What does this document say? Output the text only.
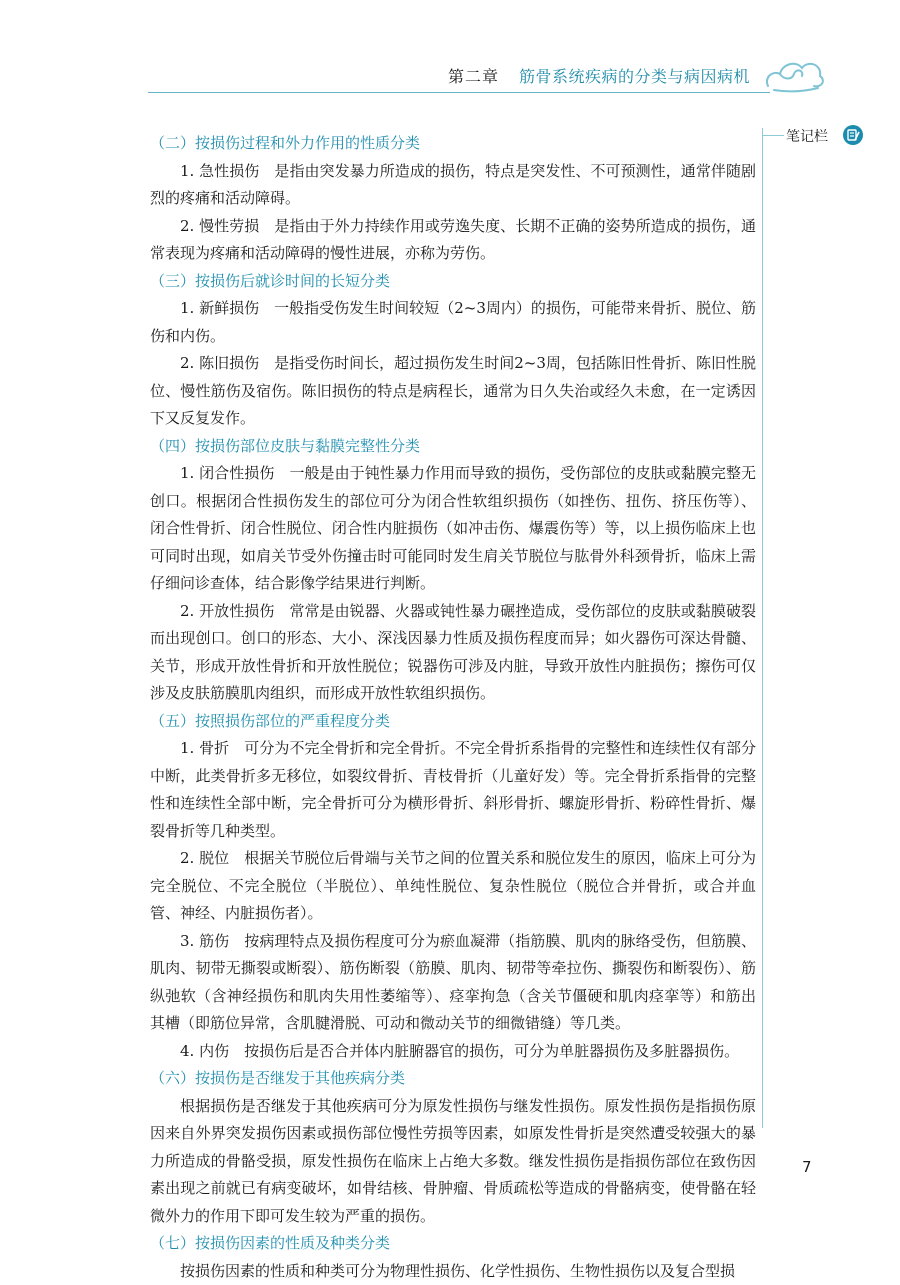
第二章 筋骨系统疾病的分类与病因病机
笔记栏
（二）按损伤过程和外力作用的性质分类

1. 急性损伤　是指由突发暴力所造成的损伤，特点是突发性、不可预测性，通常伴随剧烈的疼痛和活动障碍。

2. 慢性劳损　是指由于外力持续作用或劳逸失度、长期不正确的姿势所造成的损伤，通常表现为疼痛和活动障碍的慢性进展，亦称为劳伤。

（三）按损伤后就诊时间的长短分类

1. 新鲜损伤　一般指受伤发生时间较短（2~3周内）的损伤，可能带来骨折、脱位、筋伤和内伤。

2. 陈旧损伤　是指受伤时间长，超过损伤发生时间2~3周，包括陈旧性骨折、陈旧性脱位、慢性筋伤及宿伤。陈旧损伤的特点是病程长，通常为日久失治或经久未愈，在一定诱因下又反复发作。

（四）按损伤部位皮肤与黏膜完整性分类

1. 闭合性损伤　一般是由于钝性暴力作用而导致的损伤，受伤部位的皮肤或黏膜完整无创口。根据闭合性损伤发生的部位可分为闭合性软组织损伤（如挫伤、扭伤、挤压伤等）、闭合性骨折、闭合性脱位、闭合性内脏损伤（如冲击伤、爆震伤等）等，以上损伤临床上也可同时出现，如肩关节受外伤撞击时可能同时发生肩关节脱位与肱骨外科颈骨折，临床上需仔细问诊查体，结合影像学结果进行判断。

2. 开放性损伤　常常是由锐器、火器或钝性暴力碾挫造成，受伤部位的皮肤或黏膜破裂而出现创口。创口的形态、大小、深浅因暴力性质及损伤程度而异；如火器伤可深达骨髓、关节，形成开放性骨折和开放性脱位；锐器伤可涉及内脏，导致开放性内脏损伤；擦伤可仅涉及皮肤筋膜肌肉组织，而形成开放性软组织损伤。

（五）按照损伤部位的严重程度分类

1. 骨折　可分为不完全骨折和完全骨折。不完全骨折系指骨的完整性和连续性仅有部分中断，此类骨折多无移位，如裂纹骨折、青枝骨折（儿童好发）等。完全骨折系指骨的完整性和连续性全部中断，完全骨折可分为横形骨折、斜形骨折、螺旋形骨折、粉碎性骨折、爆裂骨折等几种类型。

2. 脱位　根据关节脱位后骨端与关节之间的位置关系和脱位发生的原因，临床上可分为完全脱位、不完全脱位（半脱位）、单纯性脱位、复杂性脱位（脱位合并骨折，或合并血管、神经、内脏损伤者）。

3. 筋伤　按病理特点及损伤程度可分为瘀血凝滞（指筋膜、肌肉的脉络受伤，但筋膜、肌肉、韧带无撕裂或断裂）、筋伤断裂（筋膜、肌肉、韧带等牵拉伤、撕裂伤和断裂伤）、筋纵弛软（含神经损伤和肌肉失用性萎缩等）、痉挛拘急（含关节僵硬和肌肉痉挛等）和筋出其槽（即筋位异常，含肌腱滑脱、可动和微动关节的细微错缝）等几类。

4. 内伤　按损伤后是否合并体内脏腑器官的损伤，可分为单脏器损伤及多脏器损伤。

（六）按损伤是否继发于其他疾病分类

根据损伤是否继发于其他疾病可分为原发性损伤与继发性损伤。原发性损伤是指损伤原因来自外界突发损伤因素或损伤部位慢性劳损等因素，如原发性骨折是突然遭受较强大的暴力所造成的骨骼受损，原发性损伤在临床上占绝大多数。继发性损伤是指损伤部位在致伤因素出现之前就已有病变破坏，如骨结核、骨肿瘤、骨质疏松等造成的骨骼病变，使骨骼在轻微外力的作用下即可发生较为严重的损伤。

（七）按损伤因素的性质及种类分类

按损伤因素的性质和种类可分为物理性损伤、化学性损伤、生物性损伤以及复合型损

7
